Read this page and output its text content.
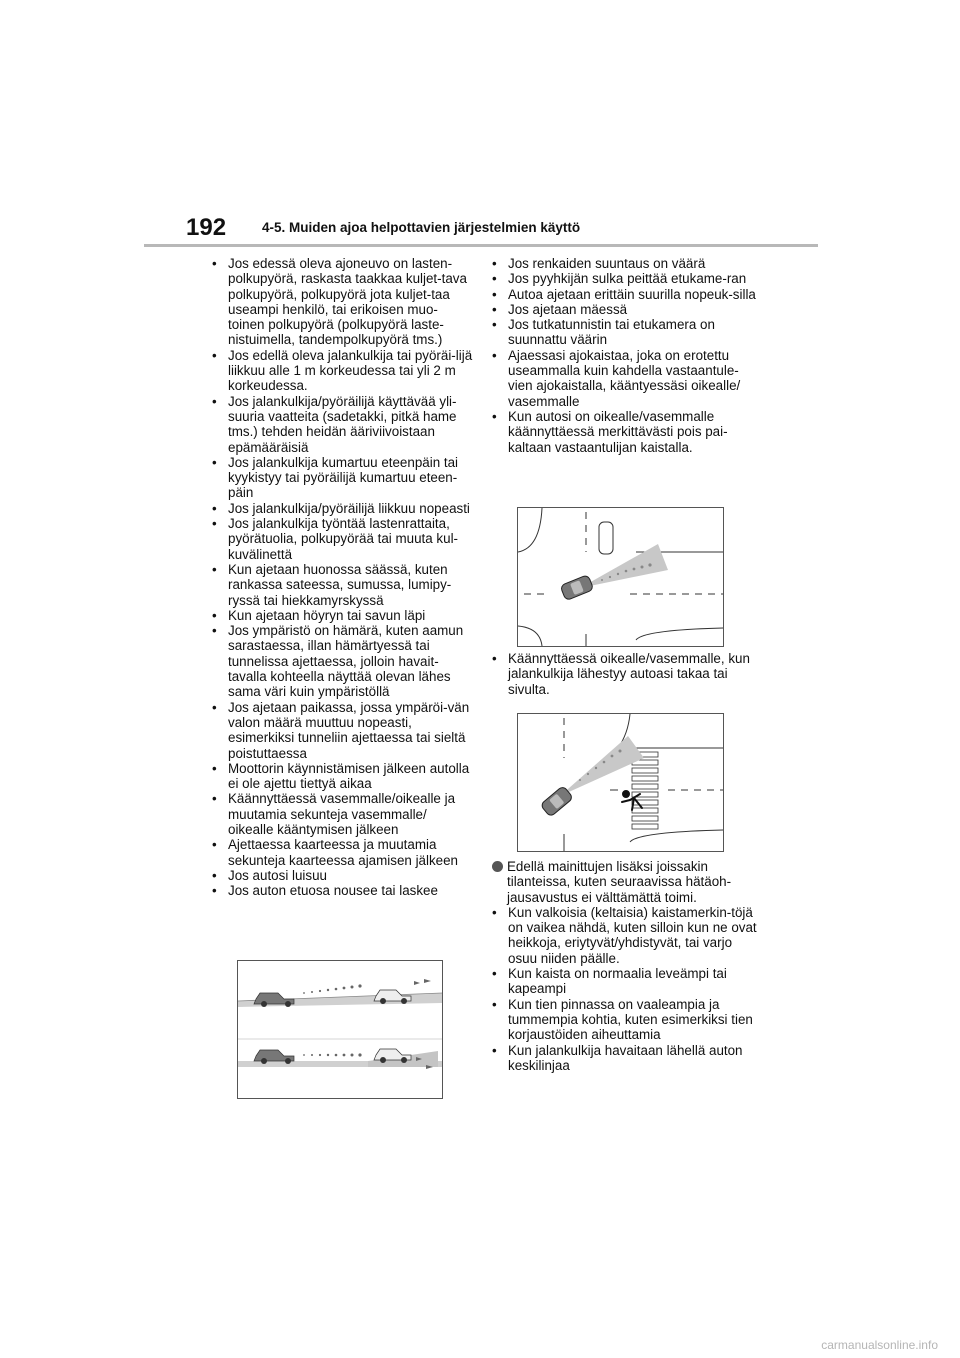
192	4-5. Muiden ajoa helpottavien järjestelmien käyttö
• Jos edessä oleva ajoneuvo on lasten-polkupyörä, raskasta taakkaa kuljet-tava polkupyörä, polkupyörä jota kuljet-taa useampi henkilö, tai erikoisen muo-toinen polkupyörä (polkupyörä laste-nistuimella, tandempolkupyörä tms.)
• Jos edellä oleva jalankulkija tai pyöräi-lijä liikkuu alle 1 m korkeudessa tai yli 2 m korkeudessa.
• Jos jalankulkija/pyöräilijä käyttävää yli-suuria vaatteita (sadetakki, pitkä hame tms.) tehden heidän ääriviivoistaan epämääräisiä
• Jos jalankulkija kumartuu eteenpäin tai kyykistyy tai pyöräilijä kumartuu eteen-päin
• Jos jalankulkija/pyöräilijä liikkuu nopeasti
• Jos jalankulkija työntää lastenrattaita, pyörätuolia, polkupyörää tai muuta kul-kuvälinettä
• Kun ajetaan huonossa säässä, kuten rankassa sateessa, sumussa, lumipy-ryssä tai hiekkamyrskyssä
• Kun ajetaan höyryn tai savun läpi
• Jos ympäristö on hämärä, kuten aamun sarastaessa, illan hämärtyessä tai tunnelissa ajettaessa, jolloin havait-tavalla kohteella näyttää olevan lähes sama väri kuin ympäristöllä
• Jos ajetaan paikassa, jossa ympäröi-vän valon määrä muuttuu nopeasti, esimerkiksi tunneliin ajettaessa tai sieltä poistuttaessa
• Moottorin käynnistämisen jälkeen autolla ei ole ajettu tiettyä aikaa
• Käännyttäessä vasemmalle/oikealle ja muutamia sekunteja vasemmalle/ oikealle kääntymisen jälkeen
• Ajettaessa kaarteessa ja muutamia sekunteja kaarteessa ajamisen jälkeen
• Jos autosi luisuu
• Jos auton etuosa nousee tai laskee
• Jos renkaiden suuntaus on väärä
• Jos pyyhkijän sulka peittää etukame-ran
• Autoa ajetaan erittäin suurilla nopeuk-silla
• Jos ajetaan mäessä
• Jos tutkatunnistin tai etukamera on suunnattu väärin
• Ajaessasi ajokaistaa, joka on erotettu useammalla kuin kahdella vastaantule-vien ajokaistalla, kääntyessäsi oikealle/ vasemmalle
• Kun autosi on oikealle/vasemmalle käännyttäessä merkittävästi pois pai-kaltaan vastaantulijan kaistalla.
• Käännyttäessä oikealle/vasemmalle, kun jalankulkija lähestyy autoasi takaa tai sivulta.
Edellä mainittujen lisäksi joissakin tilanteissa, kuten seuraavissa hätäoh-jausavustus ei välttämättä toimi.
• Kun valkoisia (keltaisia) kaistamerkin-töjä on vaikea nähdä, kuten silloin kun ne ovat heikkoja, eriytyvät/yhdistyvät, tai varjo osuu niiden päälle.
• Kun kaista on normaalia leveämpi tai kapeampi
• Kun tien pinnassa on vaaleampia ja tummempia kohtia, kuten esimerkiksi tien korjaustöiden aiheuttamia
• Kun jalankulkija havaitaan lähellä auton keskilinjaa
carmanualsonline.info
